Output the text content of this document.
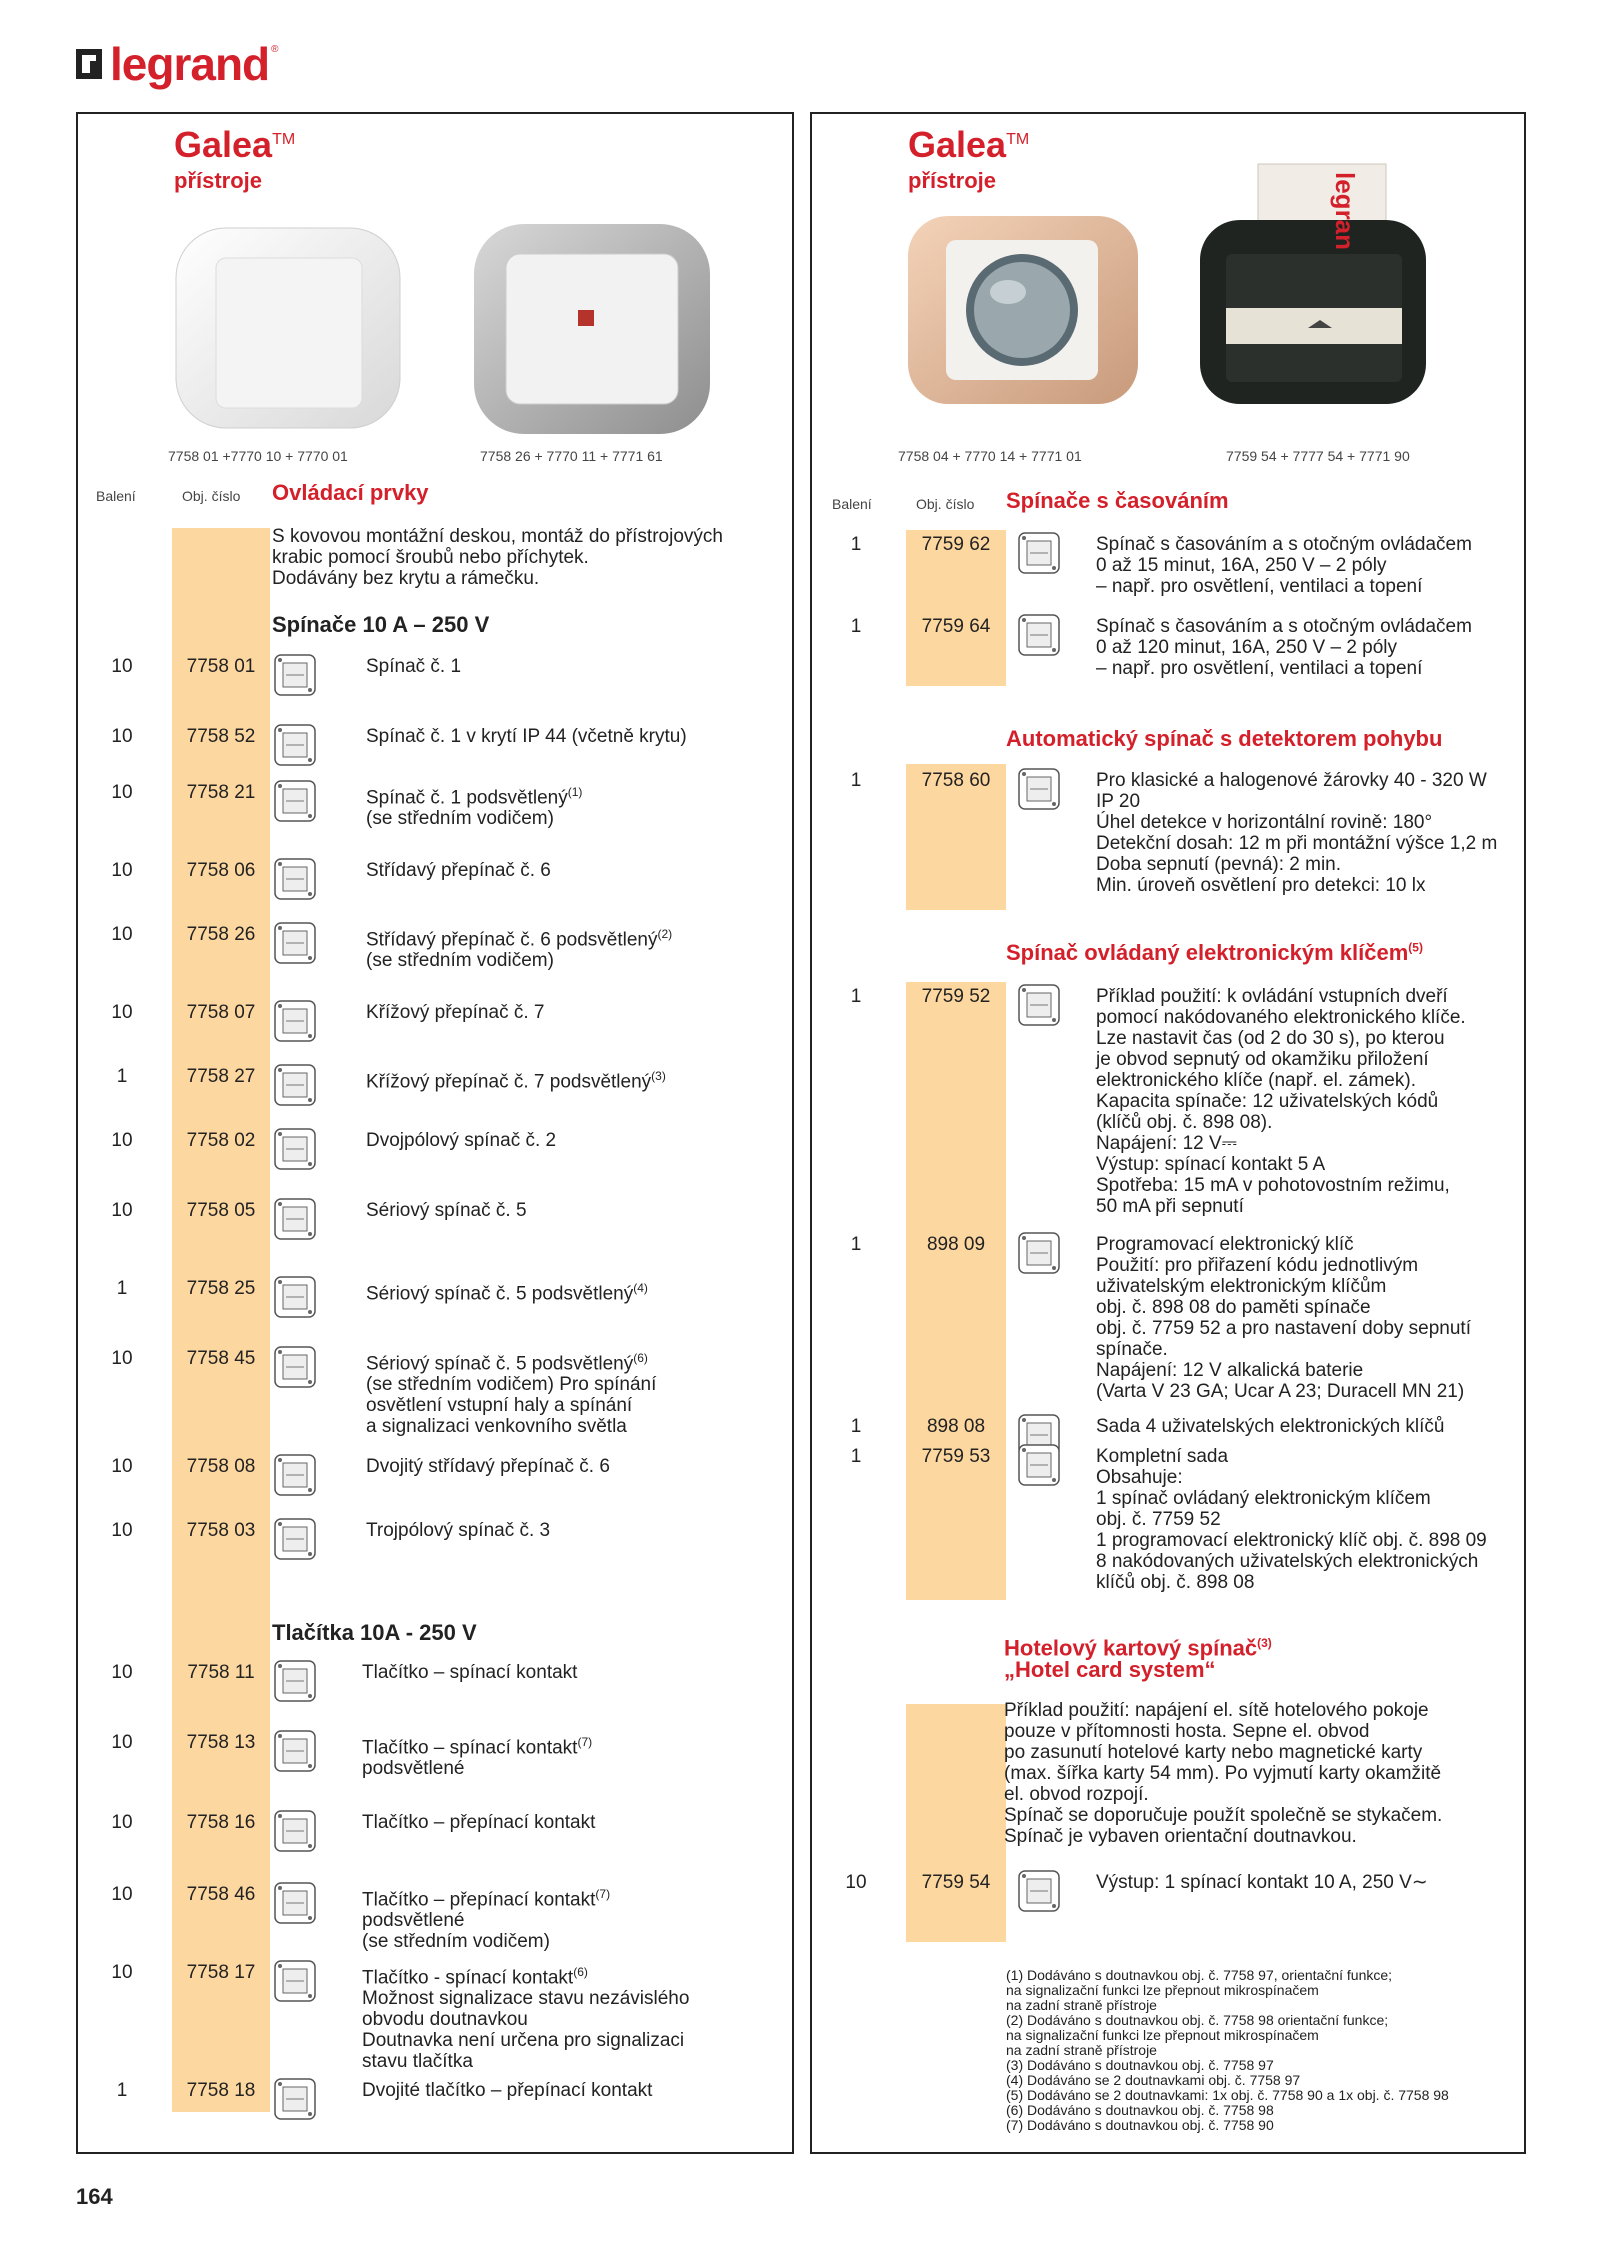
legrand ®
Galea™
přístroje
7758 01 +7770 10 + 7770 01	7758 26 + 7770 11 + 7771 61
Balení	Obj. číslo Ovládací prvky
S kovovou montážní deskou, montáž do přístrojových
krabic pomocí šroubů nebo příchytek.
Dodávány bez krytu a rámečku.
Spínače 10 A – 250 V
Tlačítka 10A - 250 V
10	7758 01	Spínač č. 1
10	7758 52	Spínač č. 1 v krytí IP 44 (včetně krytu)
10	7758 21	Spínač č. 1 podsvětlený$^{(1)}$
(se středním vodičem)
10	7758 06	Střídavý přepínač č. 6
10	7758 26	Střídavý přepínač č. 6 podsvětlený$^{(2)}$
(se středním vodičem)
10	7758 07	Křížový přepínač č. 7
1	7758 27	Křížový přepínač č. 7 podsvětlený$^{(3)}$
10	7758 02	Dvojpólový spínač č. 2
10	7758 05	Sériový spínač č. 5
1	7758 25	Sériový spínač č. 5 podsvětlený$^{(4)}$
10	7758 45	Sériový spínač č. 5 podsvětlený$^{(6)}$
(se středním vodičem) Pro spínání
osvětlení vstupní haly a spínání
a signalizaci venkovního světla
10	7758 08	Dvojitý střídavý přepínač č. 6
10	7758 03	Trojpólový spínač č. 3
10	7758 11	Tlačítko – spínací kontakt
10	7758 13	Tlačítko – spínací kontakt$^{(7)}$
podsvětlené
10	7758 16	Tlačítko – přepínací kontakt
10	7758 46	Tlačítko – přepínací kontakt$^{(7)}$
podsvětlené
(se středním vodičem)
10	7758 17	Tlačítko - spínací kontakt$^{(6)}$
Možnost signalizace stavu nezávislého
obvodu doutnavkou
Doutnavka není určena pro signalizaci
stavu tlačítka
1	7758 18	Dvojité tlačítko – přepínací kontakt
Galea™
přístroje	legran
7758 04 + 7770 14 + 7771 01	7759 54 + 7777 54 + 7771 90
Balení	Obj. číslo Spínače s časováním
Automatický spínač s detektorem pohybu
Spínač ovládaný elektronickým klíčem$^{(5)}$
Hotelový kartový spínač$^{(3)}$
„Hotel card system“
Příklad použití: napájení el. sítě hotelového pokoje
pouze v přítomnosti hosta. Sepne el. obvod
po zasunutí hotelové karty nebo magnetické karty
(max. šířka karty 54 mm). Po vyjmutí karty okamžitě
el. obvod rozpojí.
Spínač se doporučuje použít společně se stykačem.
Spínač je vybaven orientační doutnavkou.
1	7759 62	Spínač s časováním a s otočným ovládačem
0 až 15 minut, 16A, 250 V – 2 póly
– např. pro osvětlení, ventilaci a topení
1	7759 64	Spínač s časováním a s otočným ovládačem
0 až 120 minut, 16A, 250 V – 2 póly
– např. pro osvětlení, ventilaci a topení
1	7758 60	Pro klasické a halogenové žárovky 40 - 320 W
IP 20
Úhel detekce v horizontální rovině: 180°
Detekční dosah: 12 m při montážní výšce 1,2 m
Doba sepnutí (pevná): 2 min.
Min. úroveň osvětlení pro detekci: 10 lx
1	7759 52	Příklad použití: k ovládání vstupních dveří
pomocí nakódovaného elektronického klíče.
Lze nastavit čas (od 2 do 30 s), po kterou
je obvod sepnutý od okamžiku přiložení
elektronického klíče (např. el. zámek).
Kapacita spínače: 12 uživatelských kódů
(klíčů obj. č. 898 08).
Napájení: 12 V⎓
Výstup: spínací kontakt 5 A
Spotřeba: 15 mA v pohotovostním režimu,
50 mA při sepnutí
1	898 09	Programovací elektronický klíč
Použití: pro přiřazení kódu jednotlivým
uživatelským elektronickým klíčům
obj. č. 898 08 do paměti spínače
obj. č. 7759 52 a pro nastavení doby sepnutí
spínače.
Napájení: 12 V alkalická baterie
(Varta V 23 GA; Ucar A 23; Duracell MN 21)
1	898 08	Sada 4 uživatelských elektronických klíčů
1	7759 53	Kompletní sada
Obsahuje:
1 spínač ovládaný elektronickým klíčem
obj. č. 7759 52
1 programovací elektronický klíč obj. č. 898 09
8 nakódovaných uživatelských elektronických
klíčů obj. č. 898 08
10	7759 54	Výstup: 1 spínací kontakt 10 A, 250 V∼
(1) Dodáváno s doutnavkou obj. č. 7758 97, orientační funkce;
na signalizační funkci lze přepnout mikrospínačem
na zadní straně přístroje
(2) Dodáváno s doutnavkou obj. č. 7758 98 orientační funkce;
na signalizační funkci lze přepnout mikrospínačem
na zadní straně přístroje
(3) Dodáváno s doutnavkou obj. č. 7758 97
(4) Dodáváno se 2 doutnavkami obj. č. 7758 97
(5) Dodáváno se 2 doutnavkami: 1x obj. č. 7758 90 a 1x obj. č. 7758 98
(6) Dodáváno s doutnavkou obj. č. 7758 98
(7) Dodáváno s doutnavkou obj. č. 7758 90
164
